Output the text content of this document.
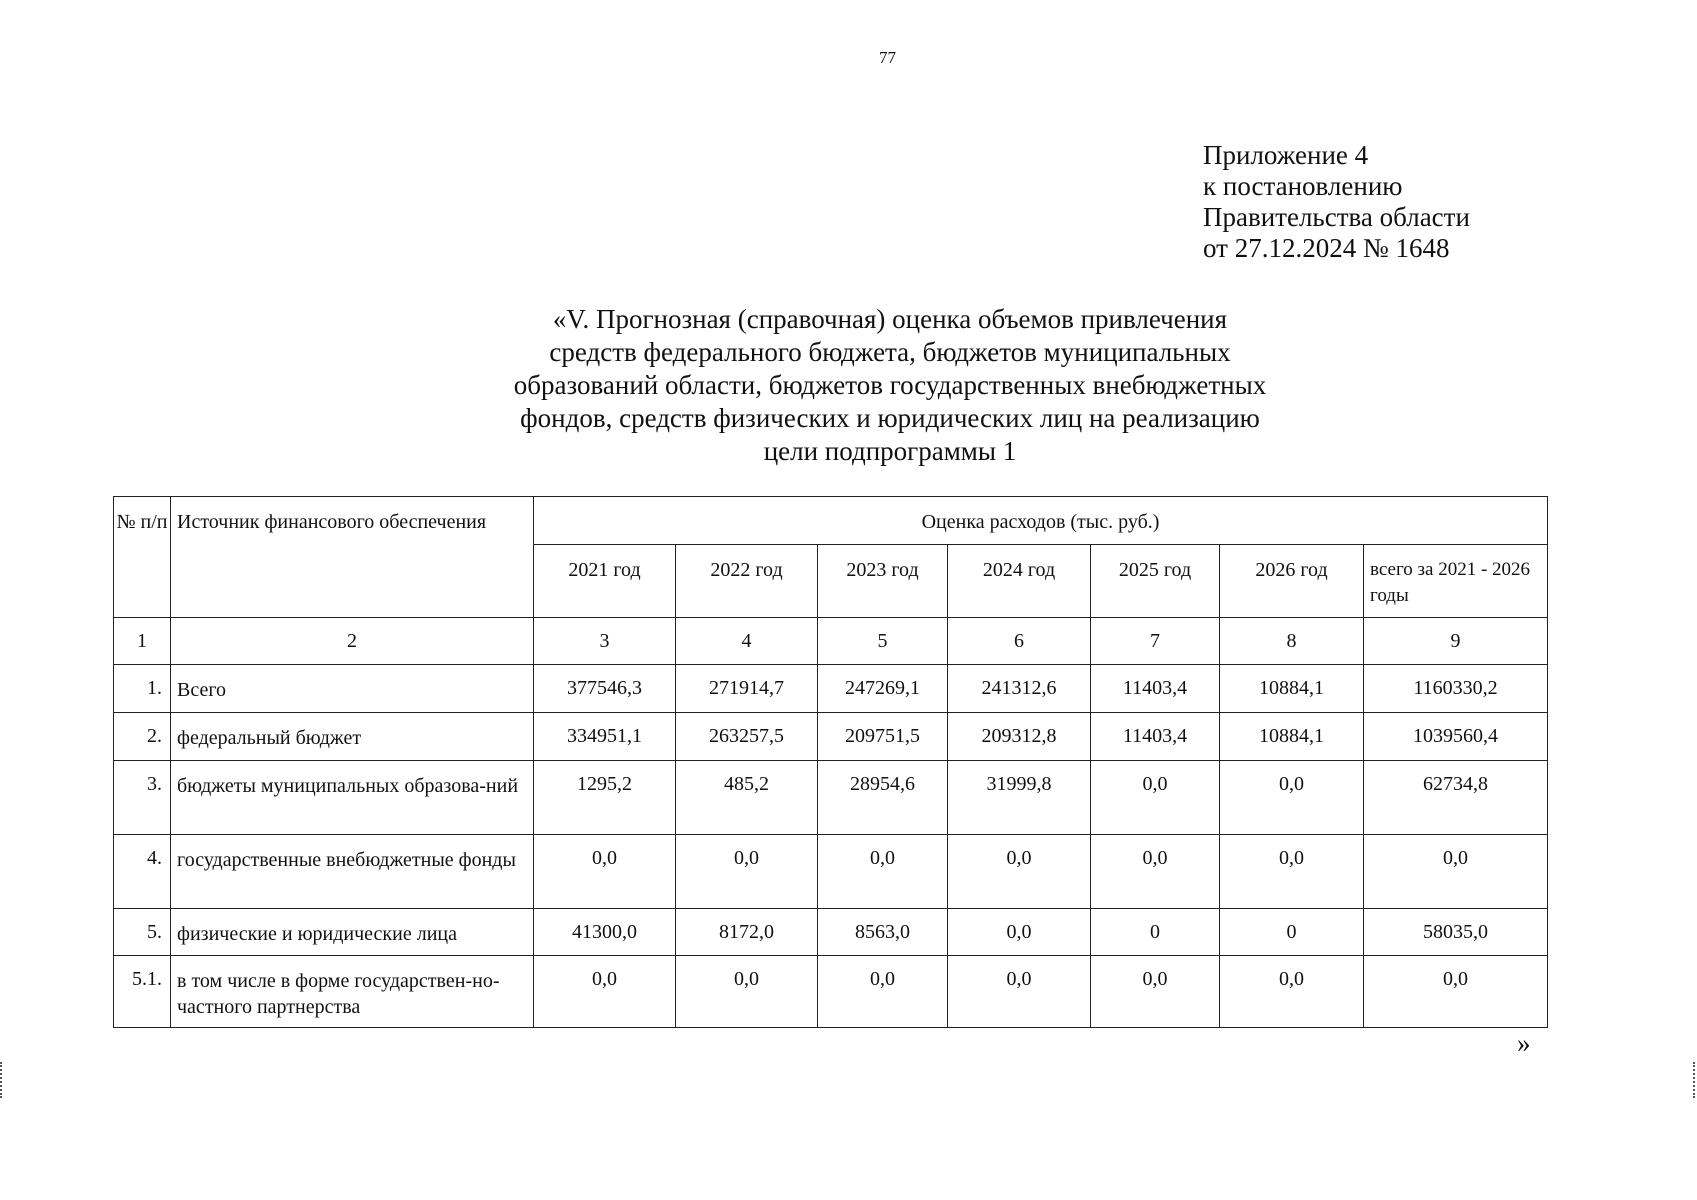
77
Приложение 4
к постановлению
Правительства области
от 27.12.2024 № 1648
«V. Прогнозная (справочная) оценка объемов привлечения
средств федерального бюджета, бюджетов муниципальных
образований области, бюджетов государственных внебюджетных
фондов, средств физических и юридических лиц на реализацию
цели подпрограммы 1
№ п/п	Источник финансового обеспечения	Оценка расходов (тыс. руб.)						
		2021 год	2022 год	2023 год	2024 год	2025 год	2026 год	всего за 2021 - 2026 годы
1	2	3	4	5	6	7	8	9
1.	Всего	377546,3	271914,7	247269,1	241312,6	11403,4	10884,1	1160330,2
2.	федеральный бюджет	334951,1	263257,5	209751,5	209312,8	11403,4	10884,1	1039560,4
3.	бюджеты муниципальных образова-ний	1295,2	485,2	28954,6	31999,8	0,0	0,0	62734,8
4.	государственные внебюджетные фонды	0,0	0,0	0,0	0,0	0,0	0,0	0,0
5.	физические и юридические лица	41300,0	8172,0	8563,0	0,0	0	0	58035,0
5.1.	в том числе в форме государствен-но-частного партнерства	0,0	0,0	0,0	0,0	0,0	0,0	0,0
»
